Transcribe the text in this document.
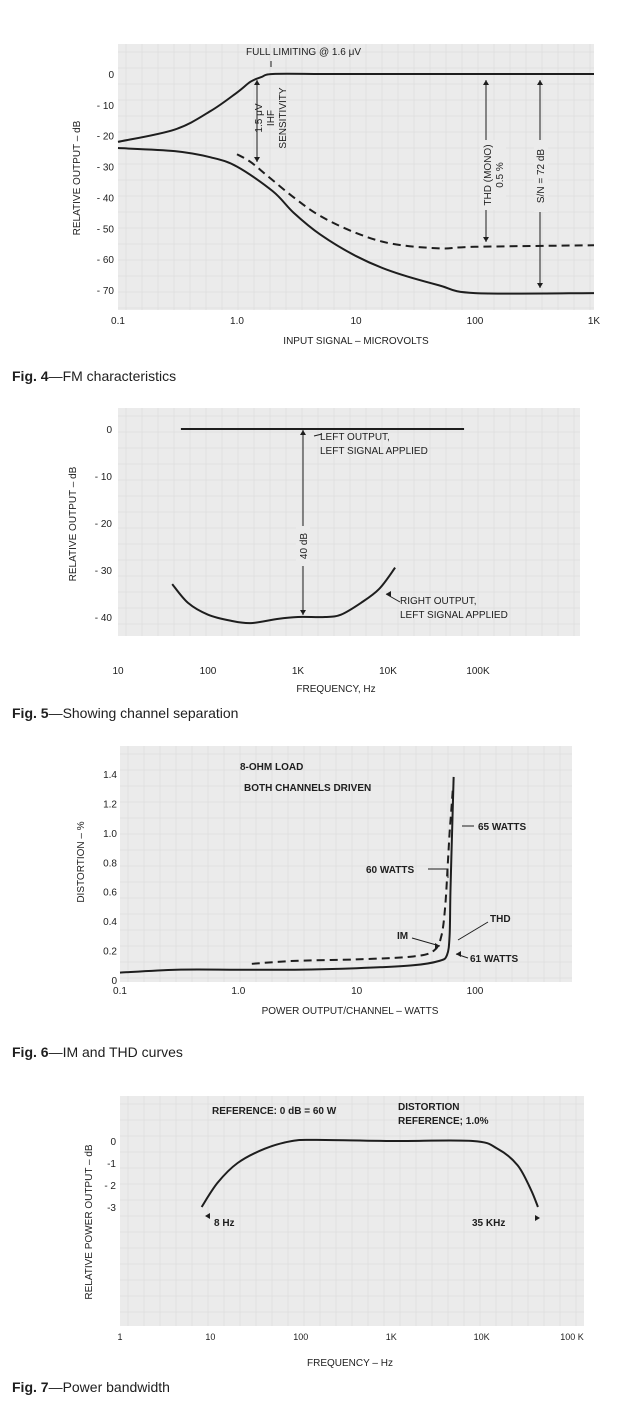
0.1	1.0	10	100	1K
0
- 10
- 20
- 30
- 40
- 50
- 60
- 70
INPUT SIGNAL – MICROVOLTS
RELATIVE OUTPUT – dB
FULL LIMITING @ 1.6 μV
1.5 μV IHF SENSITIVITY
THD (MONO) 0.5 %	S/N = 72 dB
Fig. 4—FM characteristics
10	100	1K	10K	100K
0
- 10
- 20
- 30
- 40
FREQUENCY, Hz
RELATIVE OUTPUT – dB	40 dB
LEFT OUTPUT,
LEFT SIGNAL APPLIED
RIGHT OUTPUT,
LEFT SIGNAL APPLIED
Fig. 5—Showing channel separation
0.1	1.0	10	100
0
0.2
0.4
0.6
0.8
1.0
1.2
1.4
POWER OUTPUT/CHANNEL – WATTS
DISTORTION – %
8-OHM LOAD
BOTH CHANNELS DRIVEN
65 WATTS
60 WATTS
THD
IM
61 WATTS
Fig. 6—IM and THD curves
1	10	100	1K	10K	100 K
0
-1
- 2
-3
FREQUENCY – Hz
RELATIVE POWER OUTPUT – dB
REFERENCE: 0 dB = 60 W	DISTORTION
REFERENCE; 1.0%
8 Hz	35 KHz
Fig. 7—Power bandwidth
